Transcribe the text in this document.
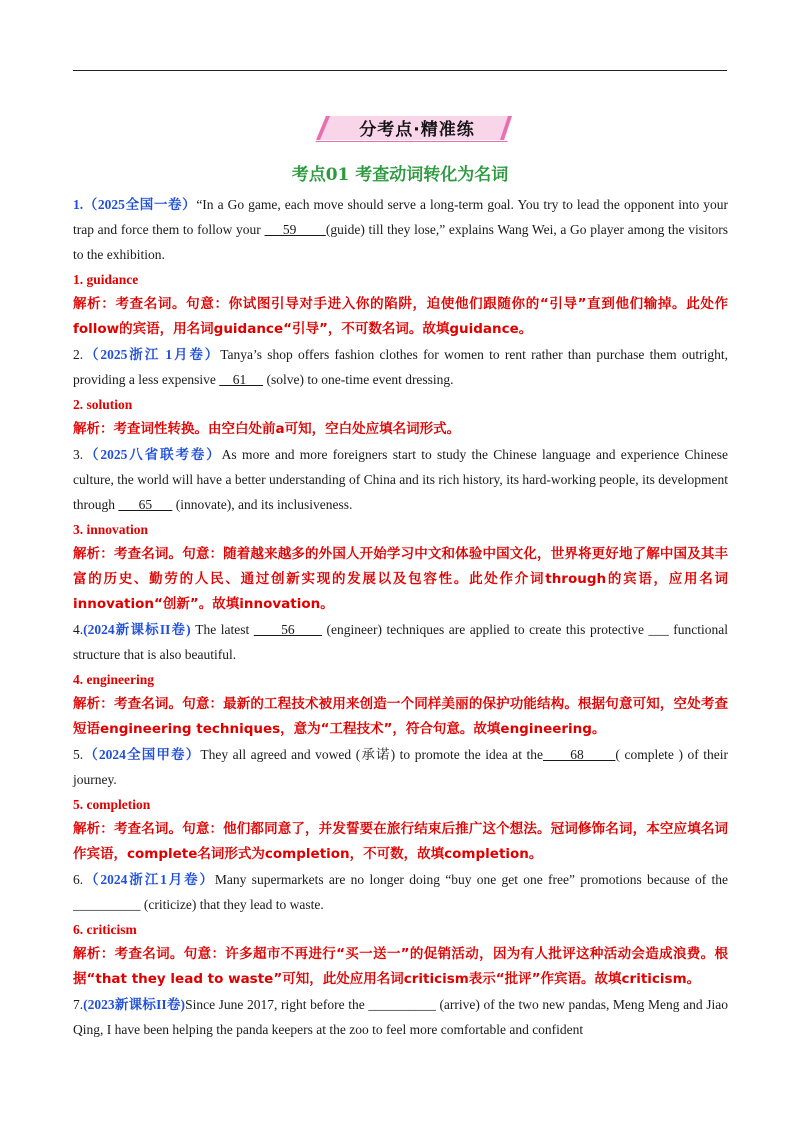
分考点·精准练
考点01 考查动词转化为名词
1.（2025全国一卷）“In a Go game, each move should serve a long-term goal. You try to lead the opponent into your trap and force them to follow your      59        (guide) till they lose,” explains Wang Wei, a Go player among the visitors to the exhibition.
1. guidance
解析：考查名词。句意：你试图引导对手进入你的陷阱，迫使他们跟随你的“引导”直到他们输掉。此处作follow的宾语，用名词guidance“引导”，不可数名词。故填guidance。
2.（2025浙江 1月卷）Tanya’s shop offers fashion clothes for women to rent rather than purchase them outright, providing a less expensive     61      (solve) to one-time event dressing.
2. solution
解析：考查词性转换。由空白处前a可知，空白处应填名词形式。
3.（2025八省联考卷）As more and more foreigners start to study the Chinese language and experience Chinese culture, the world will have a better understanding of China and its rich history, its hard-working people, its development through       65       (innovate), and its inclusiveness.
3. innovation
解析：考查名词。句意：随着越来越多的外国人开始学习中文和体验中国文化，世界将更好地了解中国及其丰富的历史、勤劳的人民、通过创新实现的发展以及包容性。此处作介词through的宾语，应用名词innovation“创新”。故填innovation。
4.(2024新课标II卷) The latest       56       (engineer) techniques are applied to create this protective ___ functional structure that is also beautiful.
4. engineering
解析：考查名词。句意：最新的工程技术被用来创造一个同样美丽的保护功能结构。根据句意可知，空处考查短语engineering techniques，意为“工程技术”，符合句意。故填engineering。
5.（2024全国甲卷）They all agreed and vowed (承诺) to promote the idea at the      68       ( complete ) of their journey.
5. completion
解析：考查名词。句意：他们都同意了，并发誓要在旅行结束后推广这个想法。冠词修饰名词，本空应填名词作宾语，complete名词形式为completion，不可数，故填completion。
6.（2024浙江1月卷）Many supermarkets are no longer doing “buy one get one free” promotions because of the __________ (criticize) that they lead to waste.
6. criticism
解析：考查名词。句意：许多超市不再进行“买一送一”的促销活动，因为有人批评这种活动会造成浪费。根据“that they lead to waste”可知，此处应用名词criticism表示“批评”作宾语。故填criticism。
7.(2023新课标II卷)Since June 2017, right before the __________ (arrive) of the two new pandas, Meng Meng and Jiao Qing, I have been helping the panda keepers at the zoo to feel more comfortable and confident
